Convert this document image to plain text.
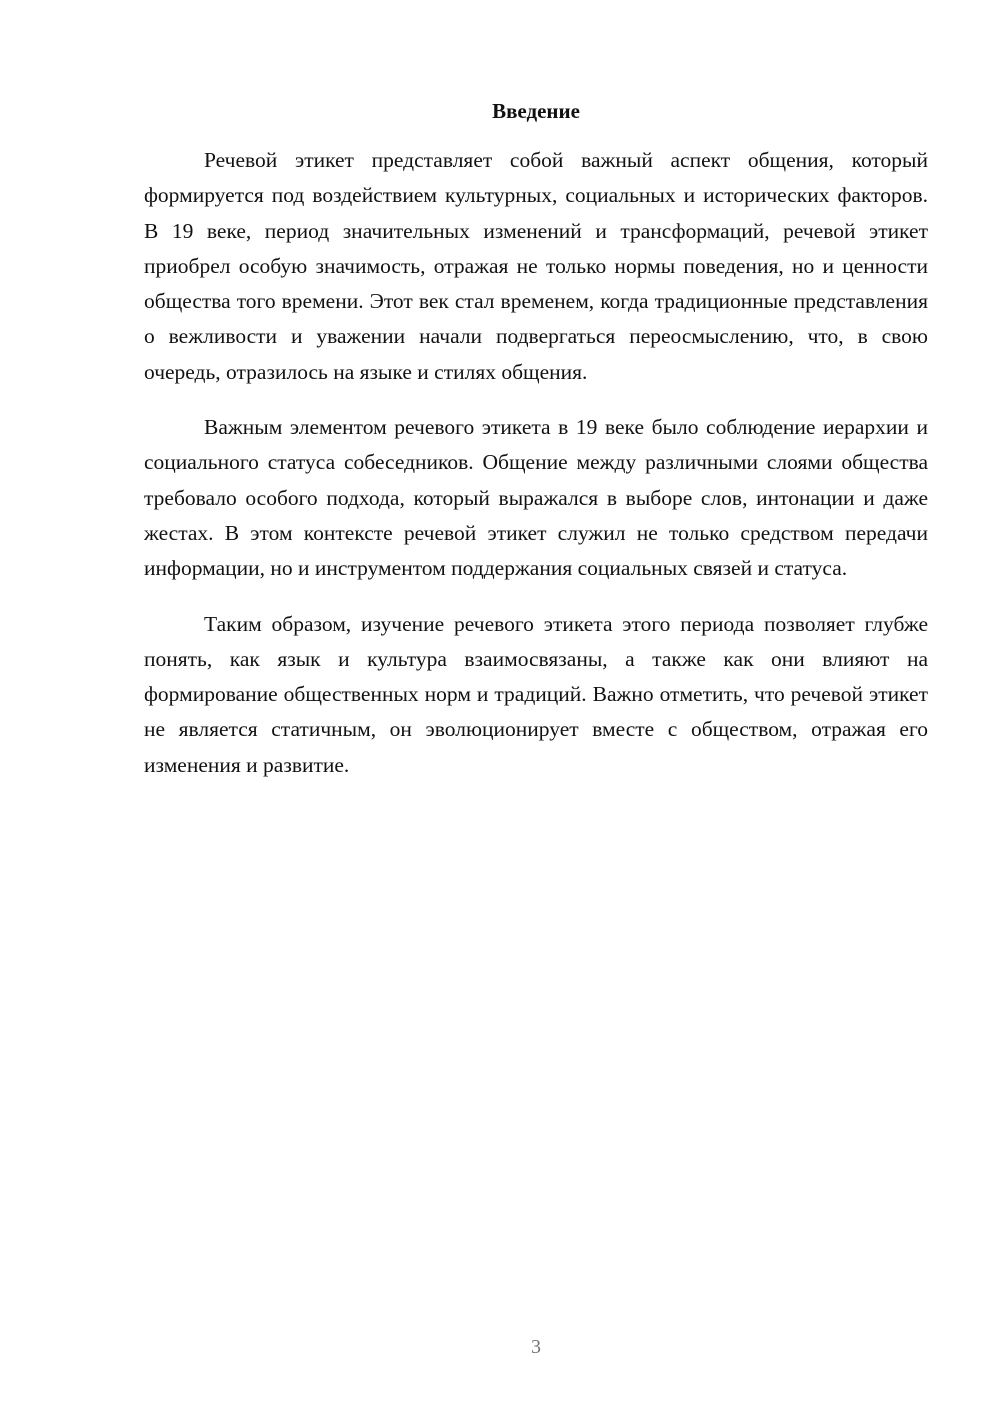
Введение

Речевой этикет представляет собой важный аспект общения, который формируется под воздействием культурных, социальных и исторических факторов. В 19 веке, период значительных изменений и трансформаций, речевой этикет приобрел особую значимость, отражая не только нормы поведения, но и ценности общества того времени. Этот век стал временем, когда традиционные представления о вежливости и уважении начали подвергаться переосмыслению, что, в свою очередь, отразилось на языке и стилях общения.

Важным элементом речевого этикета в 19 веке было соблюдение иерархии и социального статуса собеседников. Общение между различными слоями общества требовало особого подхода, который выражался в выборе слов, интонации и даже жестах. В этом контексте речевой этикет служил не только средством передачи информации, но и инструментом поддержания социальных связей и статуса.

Таким образом, изучение речевого этикета этого периода позволяет глубже понять, как язык и культура взаимосвязаны, а также как они влияют на формирование общественных норм и традиций. Важно отметить, что речевой этикет не является статичным, он эволюционирует вместе с обществом, отражая его изменения и развитие.

3
